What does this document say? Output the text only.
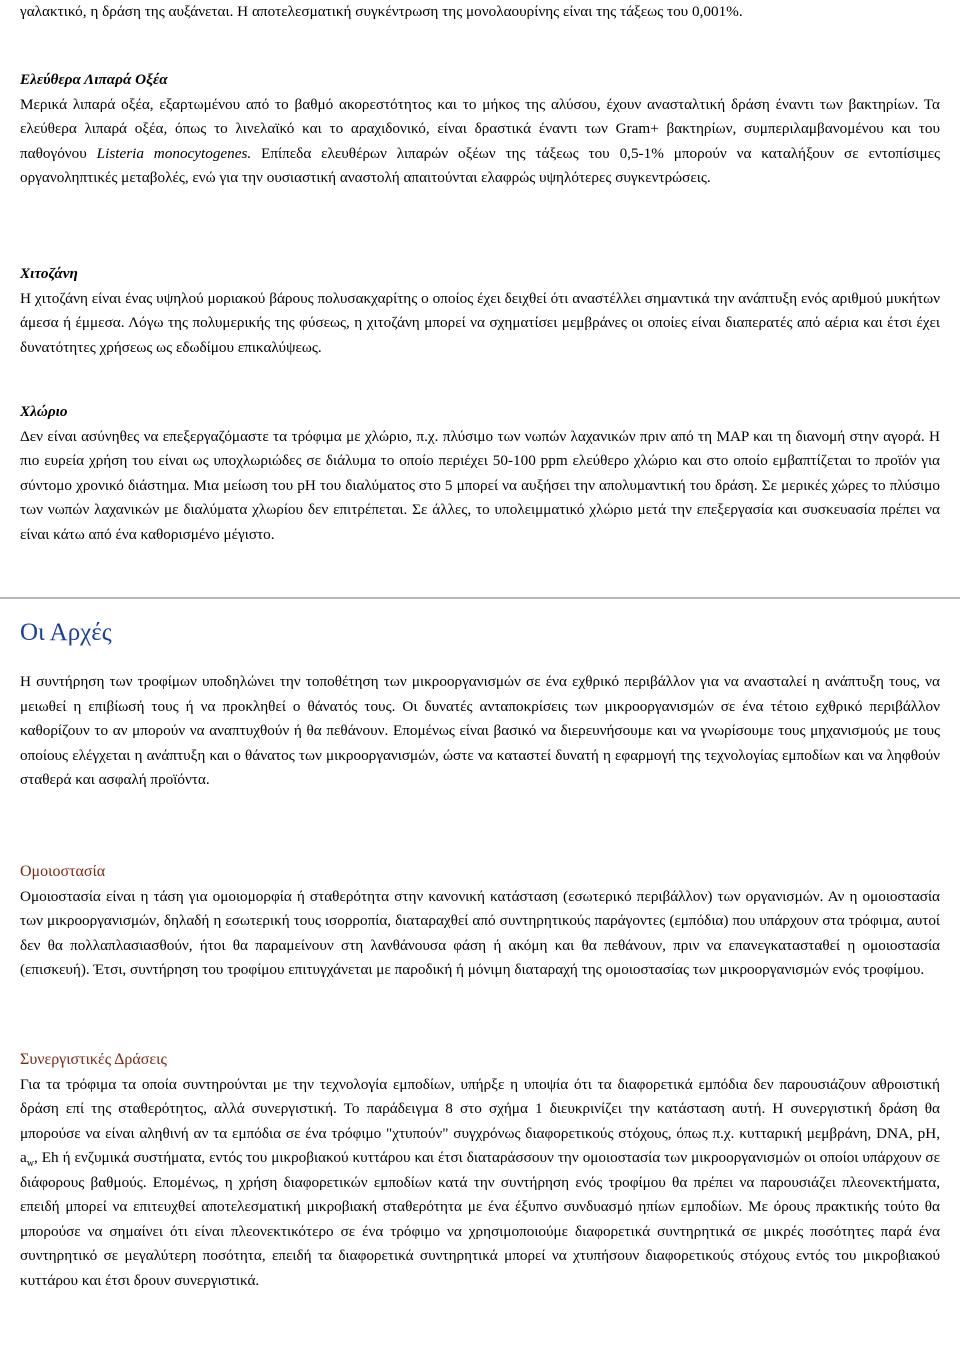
γαλακτικό, η δράση της αυξάνεται. Η αποτελεσματική συγκέντρωση της μονολαουρίνης είναι της τάξεως του 0,001%.

Ελεύθερα Λιπαρά Οξέα

Μερικά λιπαρά οξέα, εξαρτωμένου από το βαθμό ακορεστότητος και το μήκος της αλύσου, έχουν ανασταλτική δράση έναντι των βακτηρίων. Τα ελεύθερα λιπαρά οξέα, όπως το λινελαϊκό και το αραχιδονικό, είναι δραστικά έναντι των Gram+ βακτηρίων, συμπεριλαμβανομένου και του παθογόνου Listeria monocytogenes. Επίπεδα ελευθέρων λιπαρών οξέων της τάξεως του 0,5-1% μπορούν να καταλήξουν σε εντοπίσιμες οργανοληπτικές μεταβολές, ενώ για την ουσιαστική αναστολή απαιτούνται ελαφρώς υψηλότερες συγκεντρώσεις.

Χιτοζάνη

Η χιτοζάνη είναι ένας υψηλού μοριακού βάρους πολυσακχαρίτης ο οποίος έχει δειχθεί ότι αναστέλλει σημαντικά την ανάπτυξη ενός αριθμού μυκήτων άμεσα ή έμμεσα. Λόγω της πολυμερικής της φύσεως, η χιτοζάνη μπορεί να σχηματίσει μεμβράνες οι οποίες είναι διαπερατές από αέρια και έτσι έχει δυνατότητες χρήσεως ως εδωδίμου επικαλύψεως.

Χλώριο

Δεν είναι ασύνηθες να επεξεργαζόμαστε τα τρόφιμα με χλώριο, π.χ. πλύσιμο των νωπών λαχανικών πριν από τη MAP και τη διανομή στην αγορά. Η πιο ευρεία χρήση του είναι ως υποχλωριώδες σε διάλυμα το οποίο περιέχει 50-100 ppm ελεύθερο χλώριο και στο οποίο εμβαπτίζεται το προϊόν για σύντομο χρονικό διάστημα. Μια μείωση του pH του διαλύματος στο 5 μπορεί να αυξήσει την απολυμαντική του δράση. Σε μερικές χώρες το πλύσιμο των νωπών λαχανικών με διαλύματα χλωρίου δεν επιτρέπεται. Σε άλλες, το υπολειμματικό χλώριο μετά την επεξεργασία και συσκευασία πρέπει να είναι κάτω από ένα καθορισμένο μέγιστο.

Οι Αρχές

Η συντήρηση των τροφίμων υποδηλώνει την τοποθέτηση των μικροοργανισμών σε ένα εχθρικό περιβάλλον για να ανασταλεί η ανάπτυξη τους, να μειωθεί η επιβίωσή τους ή να προκληθεί ο θάνατός τους. Οι δυνατές ανταποκρίσεις των μικροοργανισμών σε ένα τέτοιο εχθρικό περιβάλλον καθορίζουν το αν μπορούν να αναπτυχθούν ή θα πεθάνουν. Επομένως είναι βασικό να διερευνήσουμε και να γνωρίσουμε τους μηχανισμούς με τους οποίους ελέγχεται η ανάπτυξη και ο θάνατος των μικροοργανισμών, ώστε να καταστεί δυνατή η εφαρμογή της τεχνολογίας εμποδίων και να ληφθούν σταθερά και ασφαλή προϊόντα.

Ομοιοστασία

Ομοιοστασία είναι η τάση για ομοιομορφία ή σταθερότητα στην κανονική κατάσταση (εσωτερικό περιβάλλον) των οργανισμών. Αν η ομοιοστασία των μικροοργανισμών, δηλαδή η εσωτερική τους ισορροπία, διαταραχθεί από συντηρητικούς παράγοντες (εμπόδια) που υπάρχουν στα τρόφιμα, αυτοί δεν θα πολλαπλασιασθούν, ήτοι θα παραμείνουν στη λανθάνουσα φάση ή ακόμη και θα πεθάνουν, πριν να επανεγκατασταθεί η ομοιοστασία (επισκευή). Έτσι, συντήρηση του τροφίμου επιτυγχάνεται με παροδική ή μόνιμη διαταραχή της ομοιοστασίας των μικροοργανισμών ενός τροφίμου.

Συνεργιστικές Δράσεις

Για τα τρόφιμα τα οποία συντηρούνται με την τεχνολογία εμποδίων, υπήρξε η υποψία ότι τα διαφορετικά εμπόδια δεν παρουσιάζουν αθροιστική δράση επί της σταθερότητος, αλλά συνεργιστική. Το παράδειγμα 8 στο σχήμα 1 διευκρινίζει την κατάσταση αυτή. Η συνεργιστική δράση θα μπορούσε να είναι αληθινή αν τα εμπόδια σε ένα τρόφιμο "χτυπούν" συγχρόνως διαφορετικούς στόχους, όπως π.χ. κυτταρική μεμβράνη, DNA, pH, $a_w$, Eh ή ενζυμικά συστήματα, εντός του μικροβιακού κυττάρου και έτσι διαταράσσουν την ομοιοστασία των μικροοργανισμών οι οποίοι υπάρχουν σε διάφορους βαθμούς. Επομένως, η χρήση διαφορετικών εμποδίων κατά την συντήρηση ενός τροφίμου θα πρέπει να παρουσιάζει πλεονεκτήματα, επειδή μπορεί να επιτευχθεί αποτελεσματική μικροβιακή σταθερότητα με ένα έξυπνο συνδυασμό ηπίων εμποδίων. Με όρους πρακτικής τούτο θα μπορούσε να σημαίνει ότι είναι πλεονεκτικότερο σε ένα τρόφιμο να χρησιμοποιούμε διαφορετικά συντηρητικά σε μικρές ποσότητες παρά ένα συντηρητικό σε μεγαλύτερη ποσότητα, επειδή τα διαφορετικά συντηρητικά μπορεί να χτυπήσουν διαφορετικούς στόχους εντός του μικροβιακού κυττάρου και έτσι δρουν συνεργιστικά.
